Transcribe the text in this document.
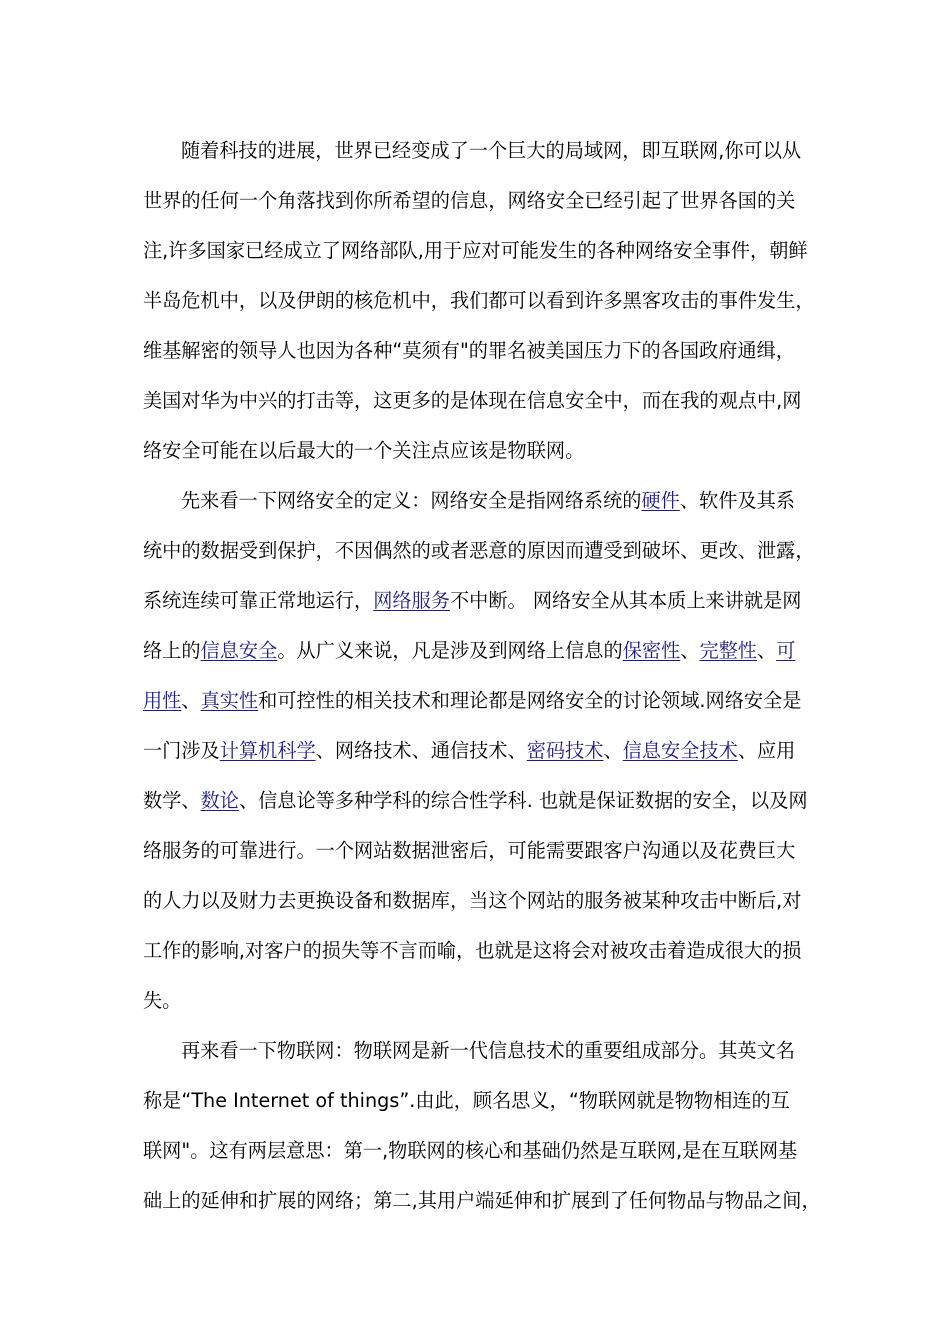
随着科技的进展，世界已经变成了一个巨大的局域网，即互联网,你可以从
世界的任何一个角落找到你所希望的信息，网络安全已经引起了世界各国的关
注,许多国家已经成立了网络部队,用于应对可能发生的各种网络安全事件，朝鲜
半岛危机中，以及伊朗的核危机中，我们都可以看到许多黑客攻击的事件发生，
维基解密的领导人也因为各种“莫须有"的罪名被美国压力下的各国政府通缉，
美国对华为中兴的打击等，这更多的是体现在信息安全中，而在我的观点中,网
络安全可能在以后最大的一个关注点应该是物联网。
先来看一下网络安全的定义：网络安全是指网络系统的硬件、软件及其系
统中的数据受到保护，不因偶然的或者恶意的原因而遭受到破坏、更改、泄露，
系统连续可靠正常地运行，网络服务不中断。 网络安全从其本质上来讲就是网
络上的信息安全。从广义来说，凡是涉及到网络上信息的保密性、完整性、可
用性、真实性和可控性的相关技术和理论都是网络安全的讨论领域.网络安全是
一门涉及计算机科学、网络技术、通信技术、密码技术、信息安全技术、应用
数学、数论、信息论等多种学科的综合性学科. 也就是保证数据的安全，以及网
络服务的可靠进行。一个网站数据泄密后，可能需要跟客户沟通以及花费巨大
的人力以及财力去更换设备和数据库，当这个网站的服务被某种攻击中断后,对
工作的影响,对客户的损失等不言而喻，也就是这将会对被攻击着造成很大的损
失。
再来看一下物联网：物联网是新一代信息技术的重要组成部分。其英文名
称是“The Internet of things”.由此，顾名思义，“物联网就是物物相连的互
联网"。这有两层意思：第一,物联网的核心和基础仍然是互联网,是在互联网基
础上的延伸和扩展的网络；第二,其用户端延伸和扩展到了任何物品与物品之间，
